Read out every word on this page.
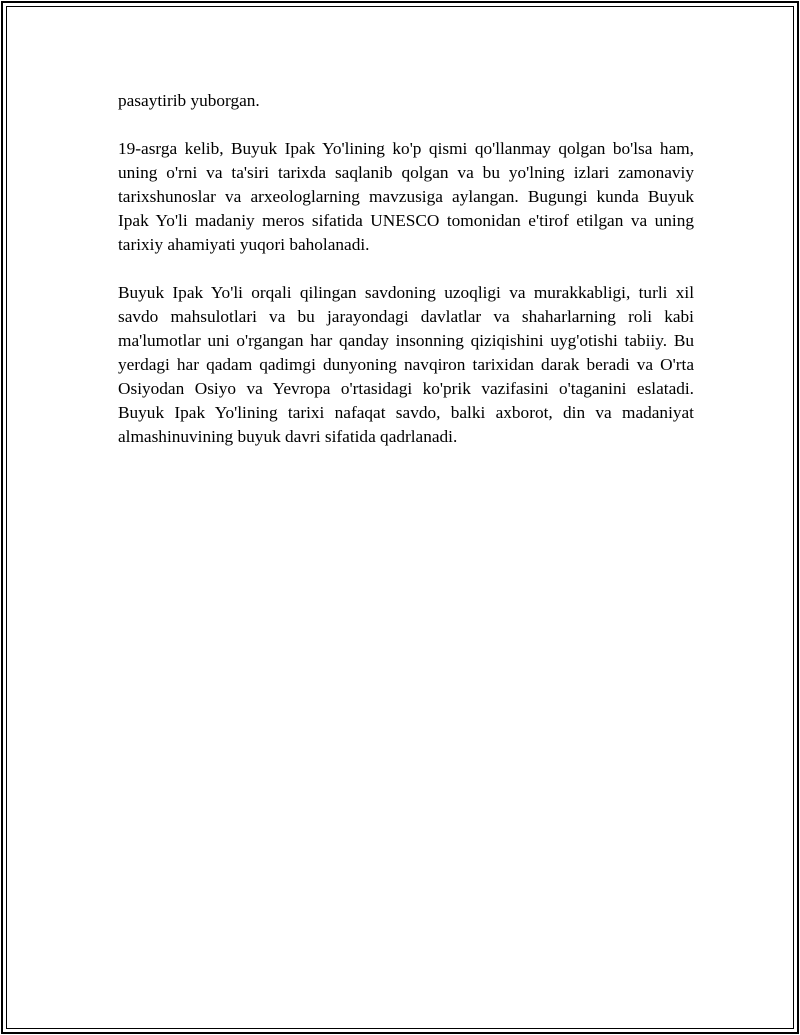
pasaytirib yuborgan.

19-asrga kelib, Buyuk Ipak Yo'lining ko'p qismi qo'llanmay qolgan bo'lsa ham, uning o'rni va ta'siri tarixda saqlanib qolgan va bu yo'lning izlari zamonaviy tarixshunoslar va arxeologlarning mavzusiga aylangan. Bugungi kunda Buyuk Ipak Yo'li madaniy meros sifatida UNESCO tomonidan e'tirof etilgan va uning tarixiy ahamiyati yuqori baholanadi.

Buyuk Ipak Yo'li orqali qilingan savdoning uzoqligi va murakkabligi, turli xil savdo mahsulotlari va bu jarayondagi davlatlar va shaharlarning roli kabi ma'lumotlar uni o'rgangan har qanday insonning qiziqishini uyg'otishi tabiiy. Bu yerdagi har qadam qadimgi dunyoning navqiron tarixidan darak beradi va O'rta Osiyodan Osiyo va Yevropa o'rtasidagi ko'prik vazifasini o'taganini eslatadi. Buyuk Ipak Yo'lining tarixi nafaqat savdo, balki axborot, din va madaniyat almashinuvining buyuk davri sifatida qadrlanadi.
